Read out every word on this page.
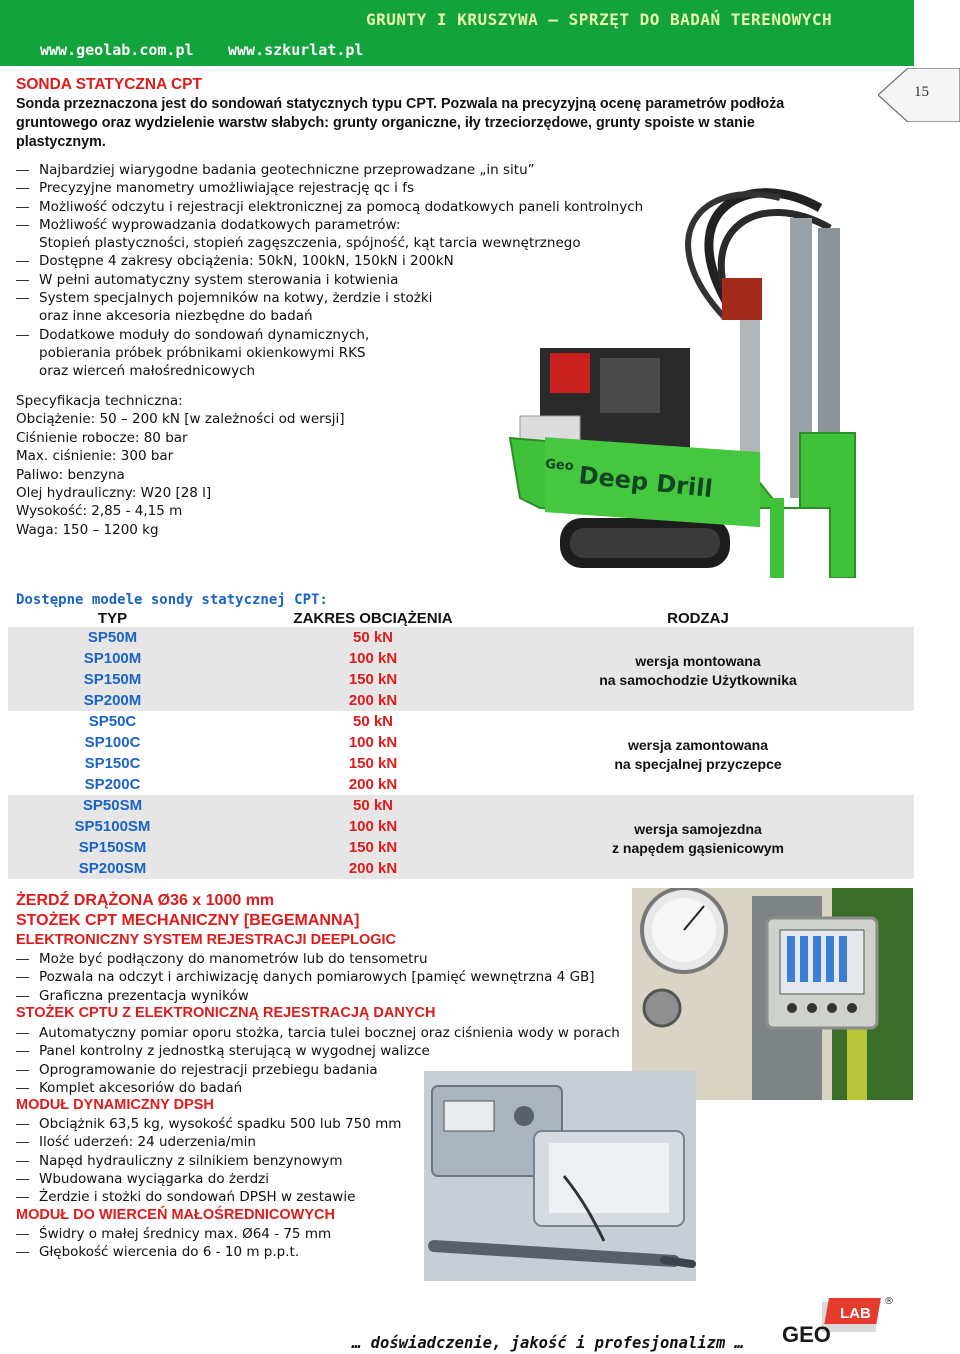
GRUNTY I KRUSZYWA – SPRZĘT DO BADAŃ TERENOWYCH
www.geolab.com.pl www.szkurlat.pl
15
SONDA STATYCZNA CPT
Sonda przeznaczona jest do sondowań statycznych typu CPT. Pozwala na precyzyjną ocenę parametrów podłoża
gruntowego oraz wydzielenie warstw słabych: grunty organiczne, iły trzeciorzędowe, grunty spoiste w stanie
plastycznym.
Najbardziej wiarygodne badania geotechniczne przeprowadzane „in situ”
Precyzyjne manometry umożliwiające rejestrację qc i fs
Możliwość odczytu i rejestracji elektronicznej za pomocą dodatkowych paneli kontrolnych
Możliwość wyprowadzania dodatkowych parametrów:
Stopień plastyczności, stopień zagęszczenia, spójność, kąt tarcia wewnętrznego
Dostępne 4 zakresy obciążenia: 50kN, 100kN, 150kN i 200kN
W pełni automatyczny system sterowania i kotwienia
System specjalnych pojemników na kotwy, żerdzie i stożki
oraz inne akcesoria niezbędne do badań
Dodatkowe moduły do sondowań dynamicznych,
pobierania próbek próbnikami okienkowymi RKS
oraz wierceń małośrednicowych
Specyfikacja techniczna:
Obciążenie: 50 – 200 kN [w zależności od wersji]
Ciśnienie robocze: 80 bar
Max. ciśnienie: 300 bar
Paliwo: benzyna
Olej hydrauliczny: W20 [28 l]
Wysokość: 2,85 - 4,15 m
Waga: 150 – 1200 kg
Geo Deep Drill
Dostępne modele sondy statycznej CPT:
TYP	ZAKRES OBCIĄŻENIA	RODZAJ
SP50M	50 kN
SP100M	100 kN
SP150M	150 kN
SP200M	200 kN
wersja montowana
na samochodzie Użytkownika
SP50C	50 kN
SP100C	100 kN
SP150C	150 kN
SP200C	200 kN
wersja zamontowana
na specjalnej przyczepce
SP50SM	50 kN
SP5100SM	100 kN
SP150SM	150 kN
SP200SM	200 kN
wersja samojezdna
z napędem gąsienicowym
ŻERDŹ DRĄŻONA Ø36 x 1000 mm
STOŻEK CPT MECHANICZNY [BEGEMANNA]
ELEKTRONICZNY SYSTEM REJESTRACJI DEEPLOGIC
Może być podłączony do manometrów lub do tensometru
Pozwala na odczyt i archiwizację danych pomiarowych [pamięć wewnętrzna 4 GB]
Graficzna prezentacja wyników
STOŻEK CPTU Z ELEKTRONICZNĄ REJESTRACJĄ DANYCH
Automatyczny pomiar oporu stożka, tarcia tulei bocznej oraz ciśnienia wody w porach
Panel kontrolny z jednostką sterującą w wygodnej walizce
Oprogramowanie do rejestracji przebiegu badania
Komplet akcesoriów do badań
MODUŁ DYNAMICZNY DPSH
Obciążnik 63,5 kg, wysokość spadku 500 lub 750 mm
Ilość uderzeń: 24 uderzenia/min
Napęd hydrauliczny z silnikiem benzynowym
Wbudowana wyciągarka do żerdzi
Żerdzie i stożki do sondowań DPSH w zestawie
MODUŁ DO WIERCEŃ MAŁOŚREDNICOWYCH
Świdry o małej średnicy max. Ø64 - 75 mm
Głębokość wiercenia do 6 - 10 m p.p.t.
… doświadczenie, jakość i profesjonalizm …
LAB
®
GEO
